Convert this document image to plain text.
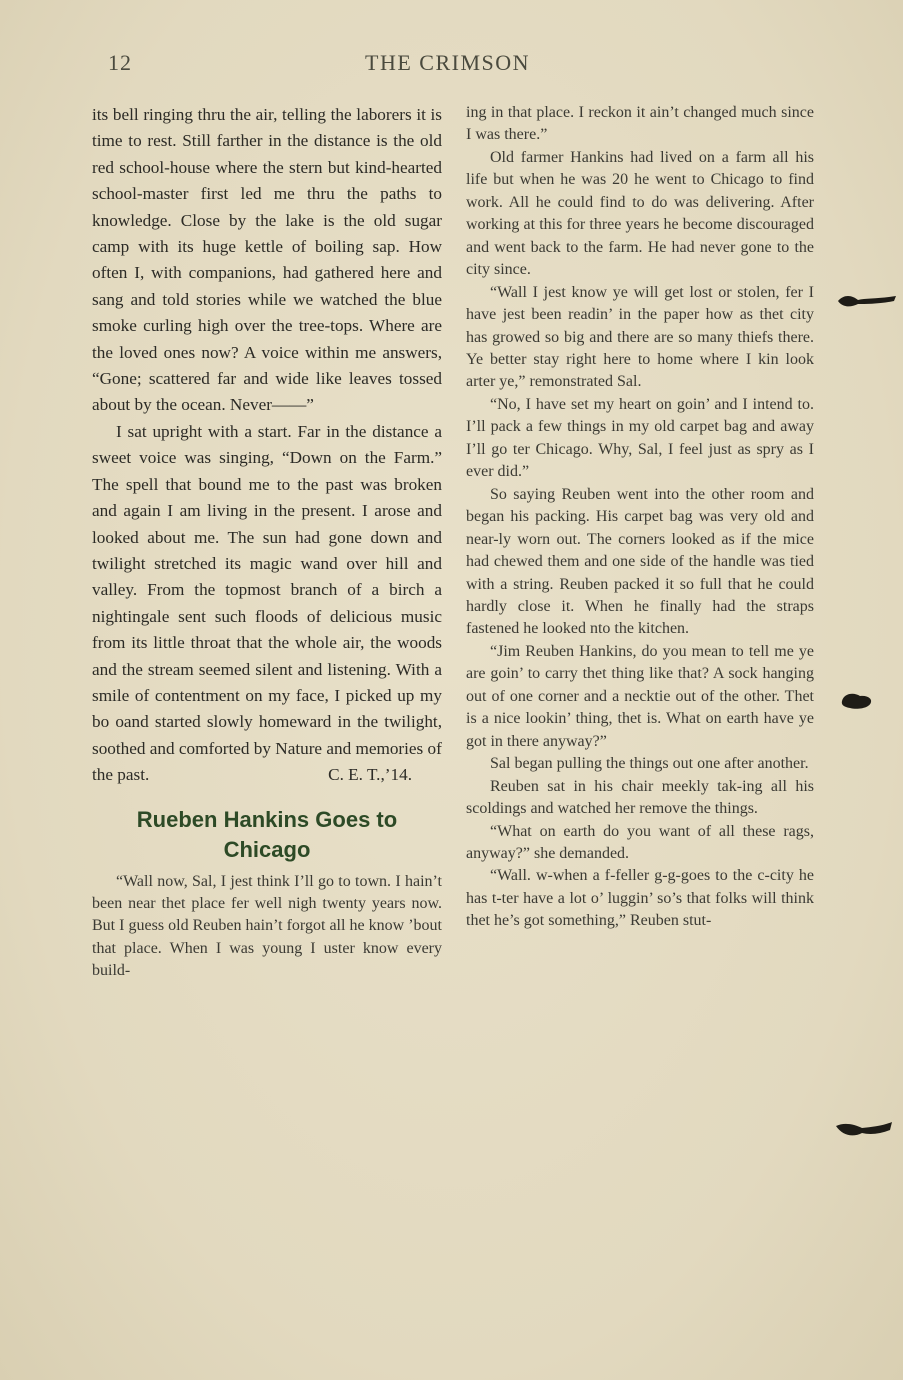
12	THE CRIMSON

its bell ringing thru the air, telling the laborers it is time to rest. Still farther in the distance is the old red school-house where the stern but kind-hearted school-master first led me thru the paths to knowledge. Close by the lake is the old sugar camp with its huge kettle of boiling sap. How often I, with companions, had gathered here and sang and told stories while we watched the blue smoke curling high over the tree-tops. Where are the loved ones now? A voice within me answers, “Gone; scattered far and wide like leaves tossed about by the ocean. Never——”

I sat upright with a start. Far in the distance a sweet voice was singing, “Down on the Farm.” The spell that bound me to the past was broken and again I am living in the present. I arose and looked about me. The sun had gone down and twilight stretched its magic wand over hill and valley. From the topmost branch of a birch a nightingale sent such floods of delicious music from its little throat that the whole air, the woods and the stream seemed silent and listening. With a smile of contentment on my face, I picked up my bo oand started slowly homeward in the twilight, soothed and comforted by Nature and memories of

the past.	C. E. T.,’14.
Rueben Hankins Goes to
Chicago

“Wall now, Sal, I jest think I’ll go to town. I hain’t been near thet place fer well nigh twenty years now. But I guess old Reuben hain’t forgot all he know ’bout that place. When I was young I uster know every build-

ing in that place. I reckon it ain’t changed much since I was there.”

Old farmer Hankins had lived on a farm all his life but when he was 20 he went to Chicago to find work. All he could find to do was delivering. After working at this for three years he become discouraged and went back to the farm. He had never gone to the city since.

“Wall I jest know ye will get lost or stolen, fer I have jest been readin’ in the paper how as thet city has growed so big and there are so many thiefs there. Ye better stay right here to home where I kin look arter ye,” remonstrated Sal.

“No, I have set my heart on goin’ and I intend to. I’ll pack a few things in my old carpet bag and away I’ll go ter Chicago. Why, Sal, I feel just as spry as I ever did.”

So saying Reuben went into the other room and began his packing. His carpet bag was very old and near-ly worn out. The corners looked as if the mice had chewed them and one side of the handle was tied with a string. Reuben packed it so full that he could hardly close it. When he finally had the straps fastened he looked nto the kitchen.

“Jim Reuben Hankins, do you mean to tell me ye are goin’ to carry thet thing like that? A sock hanging out of one corner and a necktie out of the other. Thet is a nice lookin’ thing, thet is. What on earth have ye got in there anyway?”

Sal began pulling the things out one after another.

Reuben sat in his chair meekly tak-ing all his scoldings and watched her remove the things.

“What on earth do you want of all these rags, anyway?” she demanded.

“Wall. w-when a f-feller g-g-goes to the c-city he has t-ter have a lot o’ luggin’ so’s that folks will think thet he’s got something,” Reuben stut-
